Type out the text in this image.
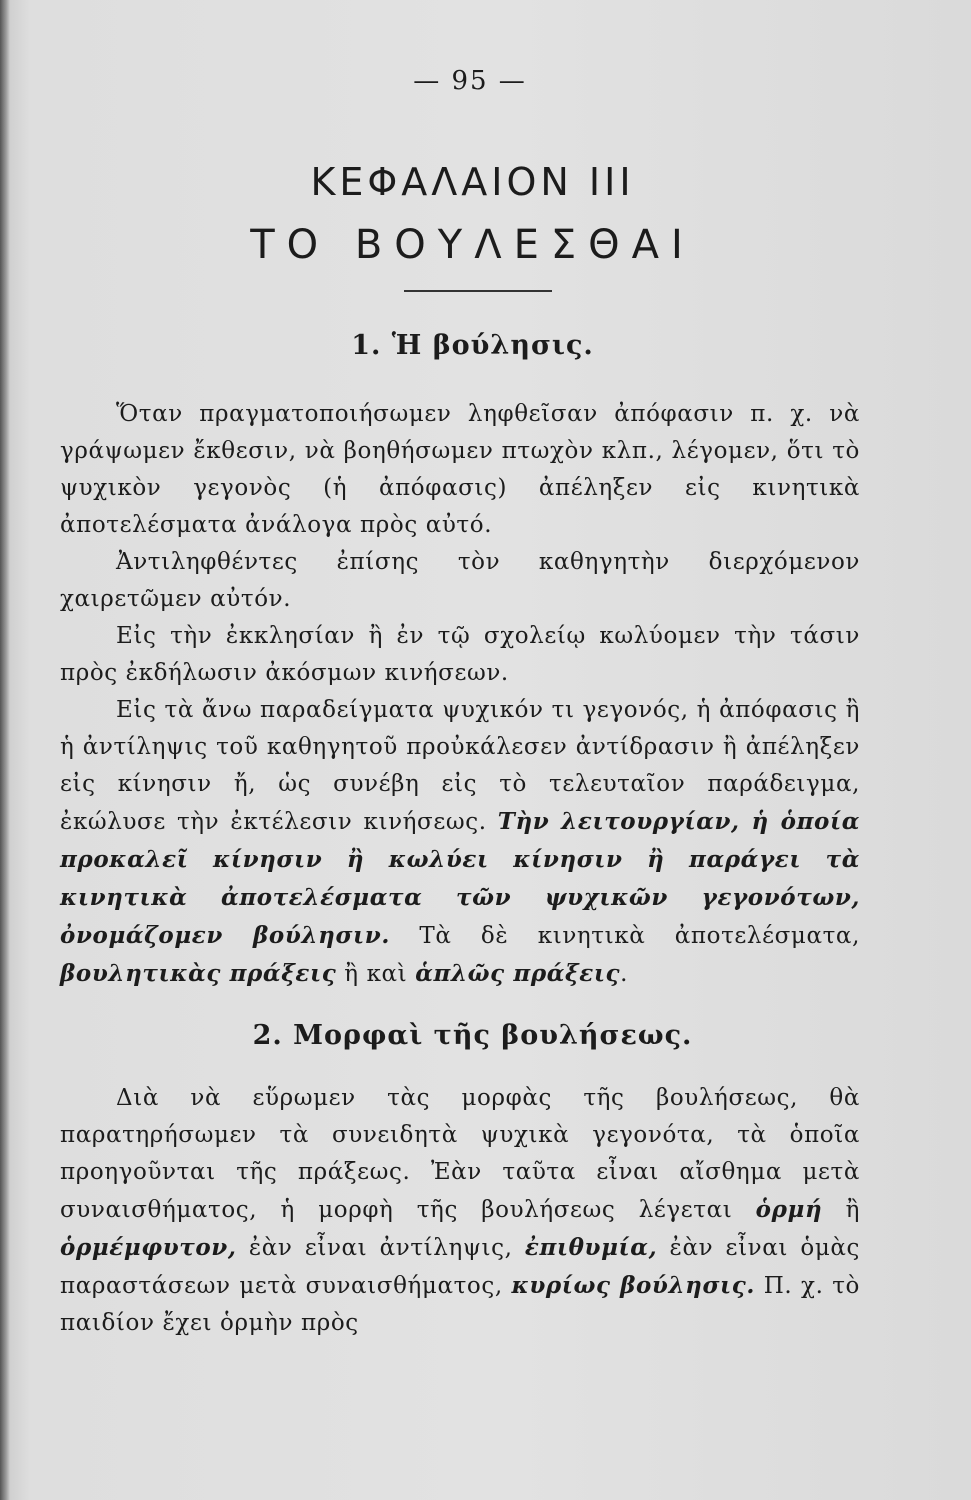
— 95 —
ΚΕΦΑΛΑΙΟΝ III
ΤΟ ΒΟΥΛΕΣΘΑΙ
1. Ἡ βούλησις.

Ὅταν πραγματοποιήσωμεν ληφθεῖσαν ἀπόφασιν π. χ. νὰ γράψωμεν ἔκθεσιν, νὰ βοηθήσωμεν πτωχὸν κλπ., λέγομεν, ὅτι τὸ ψυχικὸν γεγονὸς (ἡ ἀπόφασις) ἀπέληξεν εἰς κινητικὰ ἀποτελέσματα ἀνάλογα πρὸς αὐτό.

Ἀντιληφθέντες ἐπίσης τὸν καθηγητὴν διερχόμενον χαιρετῶμεν αὐτόν.

Εἰς τὴν ἐκκλησίαν ἢ ἐν τῷ σχολείῳ κωλύομεν τὴν τάσιν πρὸς ἐκδήλωσιν ἀκόσμων κινήσεων.

Εἰς τὰ ἄνω παραδείγματα ψυχικόν τι γεγονός, ἡ ἀπόφασις ἢ ἡ ἀντίληψις τοῦ καθηγητοῦ προὐκάλεσεν ἀντίδρασιν ἢ ἀπέληξεν εἰς κίνησιν ἤ, ὡς συνέβη εἰς τὸ τελευταῖον παράδειγμα, ἐκώλυσε τὴν ἐκτέλεσιν κινήσεως. Τὴν λειτουργίαν, ἡ ὁποία προκαλεῖ κίνησιν ἢ κωλύει κίνησιν ἢ παράγει τὰ κινητικὰ ἀποτελέσματα τῶν ψυχικῶν γεγονότων, ὀνομάζομεν βούλησιν. Τὰ δὲ κινητικὰ ἀποτελέσματα, βουλητικὰς πράξεις ἢ καὶ ἁπλῶς πράξεις.

2. Μορφαὶ τῆς βουλήσεως.

Διὰ νὰ εὕρωμεν τὰς μορφὰς τῆς βουλήσεως, θὰ παρατηρήσωμεν τὰ συνειδητὰ ψυχικὰ γεγονότα, τὰ ὁποῖα προηγοῦνται τῆς πράξεως. Ἐὰν ταῦτα εἶναι αἴσθημα μετὰ συναισθήματος, ἡ μορφὴ τῆς βουλήσεως λέγεται ὁρμή ἢ ὁρμέμφυτον, ἐὰν εἶναι ἀντίληψις, ἐπιθυμία, ἐὰν εἶναι ὁμὰς παραστάσεων μετὰ συναισθήματος, κυρίως βούλησις. Π. χ. τὸ παιδίον ἔχει ὁρμὴν πρὸς
